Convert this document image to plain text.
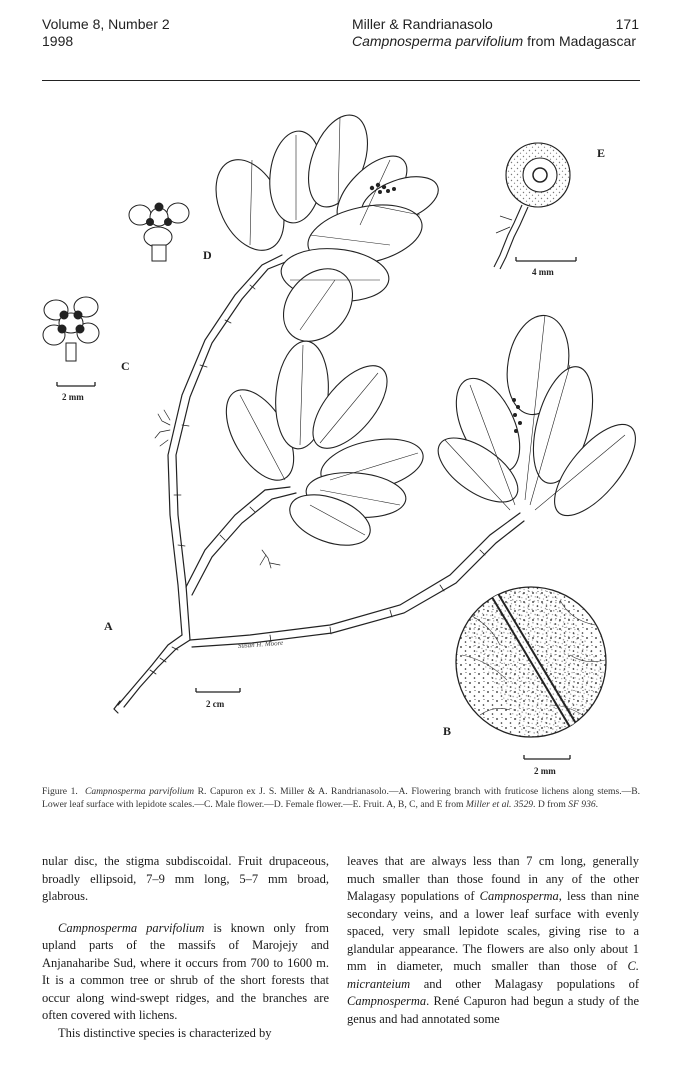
Volume 8, Number 2
1998
Miller & Randrianasolo
Campnosperma parvifolium from Madagascar
171
A
B
C
D
E
2 mm
4 mm
2 cm
2 mm
Susan H. Moore
Figure 1. Campnosperma parvifolium R. Capuron ex J. S. Miller & A. Randrianasolo.—A. Flowering branch with fruticose lichens along stems.—B. Lower leaf surface with lepidote scales.—C. Male flower.—D. Female flower.—E. Fruit. A, B, C, and E from Miller et al. 3529. D from SF 936.

nular disc, the stigma subdiscoidal. Fruit drupaceous, broadly ellipsoid, 7–9 mm long, 5–7 mm broad, glabrous.

Campnosperma parvifolium is known only from upland parts of the massifs of Marojejy and Anjanaharibe Sud, where it occurs from 700 to 1600 m. It is a common tree or shrub of the short forests that occur along wind-swept ridges, and the branches are often covered with lichens.

This distinctive species is characterized by

leaves that are always less than 7 cm long, generally much smaller than those found in any of the other Malagasy populations of Campnosperma, less than nine secondary veins, and a lower leaf surface with evenly spaced, very small lepidote scales, giving rise to a glandular appearance. The flowers are also only about 1 mm in diameter, much smaller than those of C. micranteium and other Malagasy populations of Campnosperma. René Capuron had begun a study of the genus and had annotated some
